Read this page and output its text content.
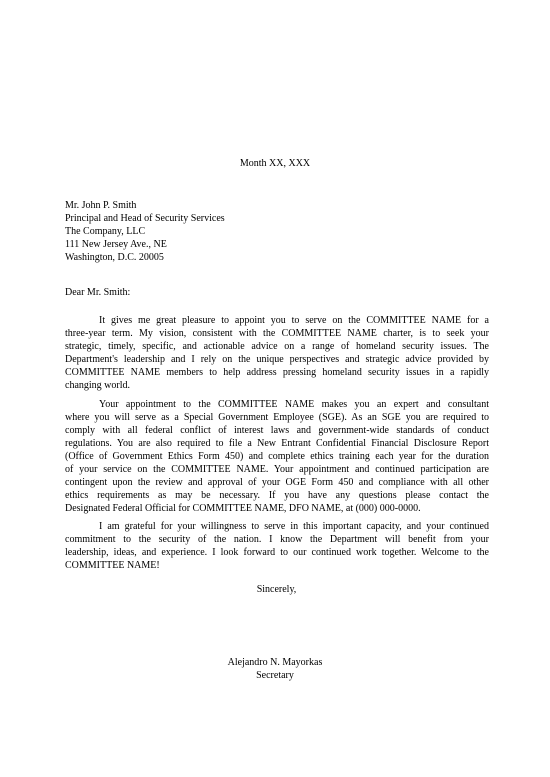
Month XX, XXX
Mr. John P. Smith
Principal and Head of Security Services
The Company, LLC
111 New Jersey Ave., NE
Washington, D.C. 20005
Dear Mr. Smith:
It gives me great pleasure to appoint you to serve on the COMMITTEE NAME for a
three-year term. My vision, consistent with the COMMITTEE NAME charter, is to seek your
strategic, timely, specific, and actionable advice on a range of homeland security issues. The
Department's leadership and I rely on the unique perspectives and strategic advice provided by
COMMITTEE NAME members to help address pressing homeland security issues in a rapidly
changing world.
Your appointment to the COMMITTEE NAME makes you an expert and consultant
where you will serve as a Special Government Employee (SGE). As an SGE you are required to
comply with all federal conflict of interest laws and government-wide standards of conduct
regulations. You are also required to file a New Entrant Confidential Financial Disclosure Report
(Office of Government Ethics Form 450) and complete ethics training each year for the duration
of your service on the COMMITTEE NAME. Your appointment and continued participation are
contingent upon the review and approval of your OGE Form 450 and compliance with all other
ethics requirements as may be necessary. If you have any questions please contact the
Designated Federal Official for COMMITTEE NAME, DFO NAME, at (000) 000-0000.
I am grateful for your willingness to serve in this important capacity, and your continued
commitment to the security of the nation. I know the Department will benefit from your
leadership, ideas, and experience. I look forward to our continued work together. Welcome to the
COMMITTEE NAME!
Sincerely,
Alejandro N. Mayorkas
Secretary
